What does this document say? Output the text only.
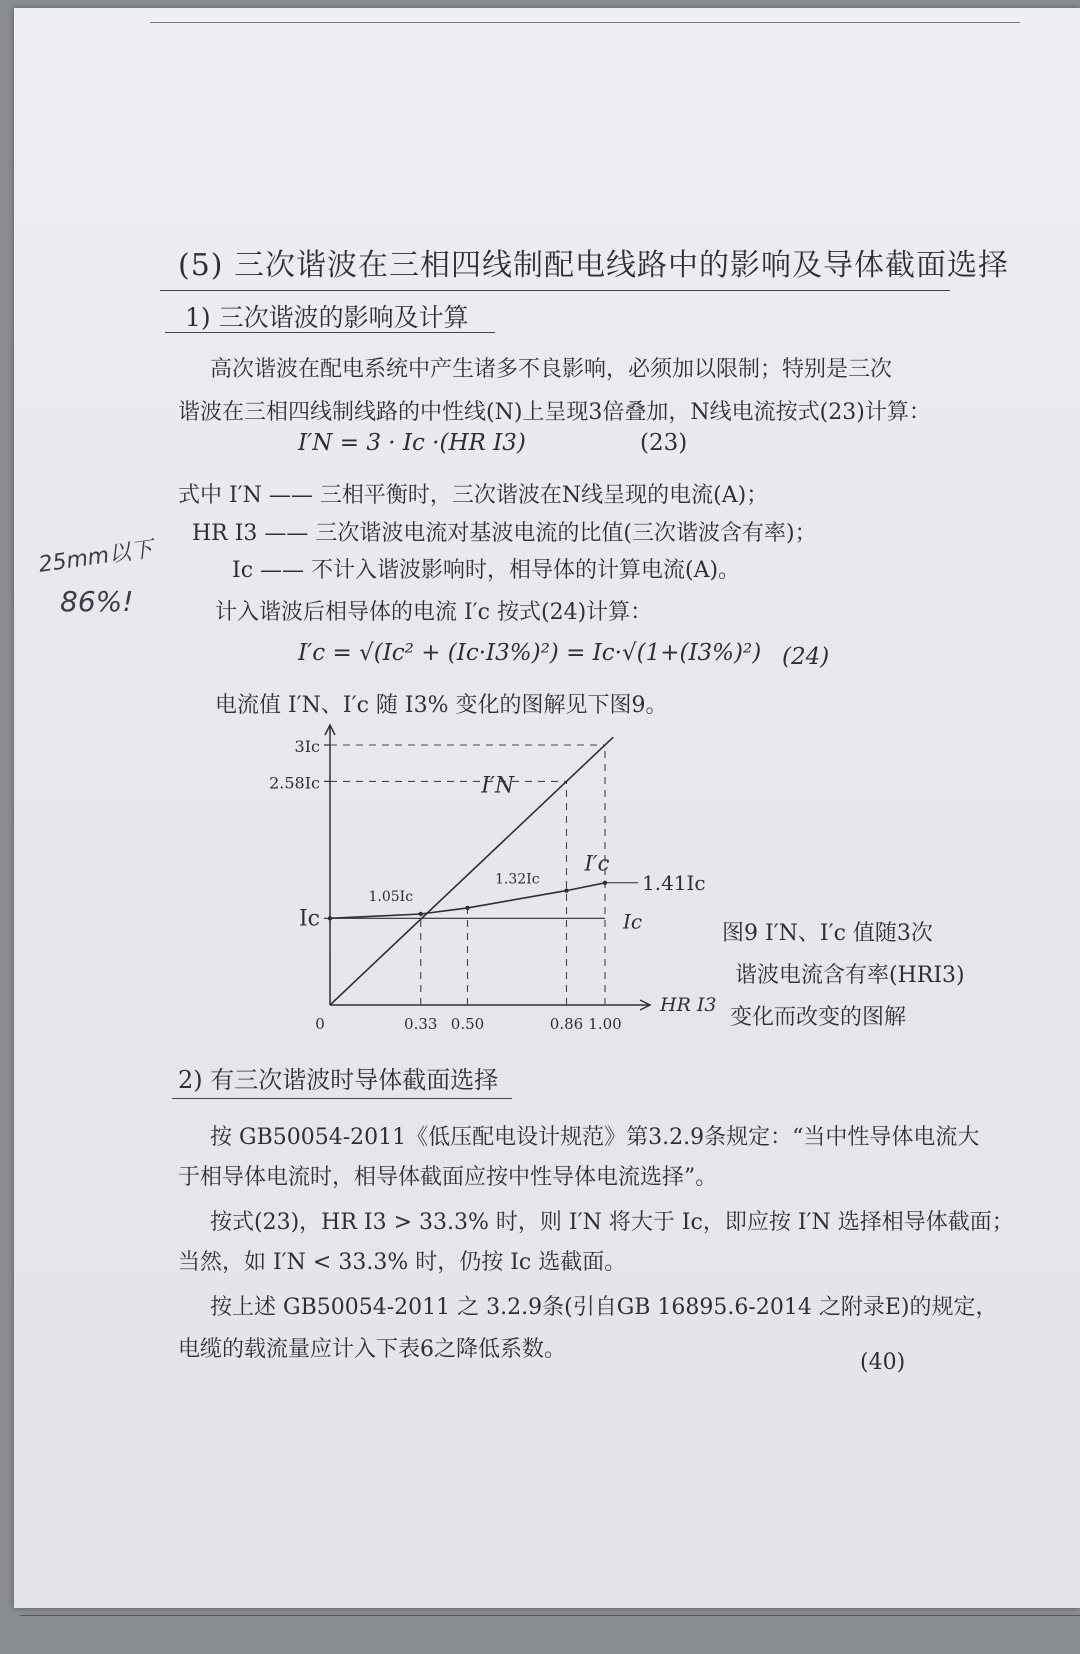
(5) 三次谐波在三相四线制配电线路中的影响及导体截面选择
1) 三次谐波的影响及计算
高次谐波在配电系统中产生诸多不良影响，必须加以限制；特别是三次
谐波在三相四线制线路的中性线(N)上呈现3倍叠加，N线电流按式(23)计算：
I′N = 3 · Ic ·(HR I3)	(23)
式中 I′N —— 三相平衡时，三次谐波在N线呈现的电流(A)；
HR I3 —— 三次谐波电流对基波电流的比值(三次谐波含有率)；
Ic —— 不计入谐波影响时，相导体的计算电流(A)。
25mm以下
86%!	计入谐波后相导体的电流 I′c 按式(24)计算：
I′c = √(Ic² + (Ic·I3%)²) = Ic·√(1+(I3%)²) (24)
电流值 I′N、I′c 随 I3% 变化的图解见下图9。
3Ic
2.58Ic
Ic
0	0.33 0.50	0.86 1.00
HR I3
I′N
I′c
1.41Ic
Ic
1.05Ic
1.32Ic
图9 I′N、I′c 值随3次
谐波电流含有率(HRI3)
变化而改变的图解
2) 有三次谐波时导体截面选择
按 GB50054-2011《低压配电设计规范》第3.2.9条规定：“当中性导体电流大
于相导体电流时，相导体截面应按中性导体电流选择”。
按式(23)，HR I3 > 33.3% 时，则 I′N 将大于 Ic，即应按 I′N 选择相导体截面；
当然，如 I′N < 33.3% 时，仍按 Ic 选截面。
按上述 GB50054-2011 之 3.2.9条(引自GB 16895.6-2014 之附录E)的规定，
电缆的载流量应计入下表6之降低系数。
(40)
